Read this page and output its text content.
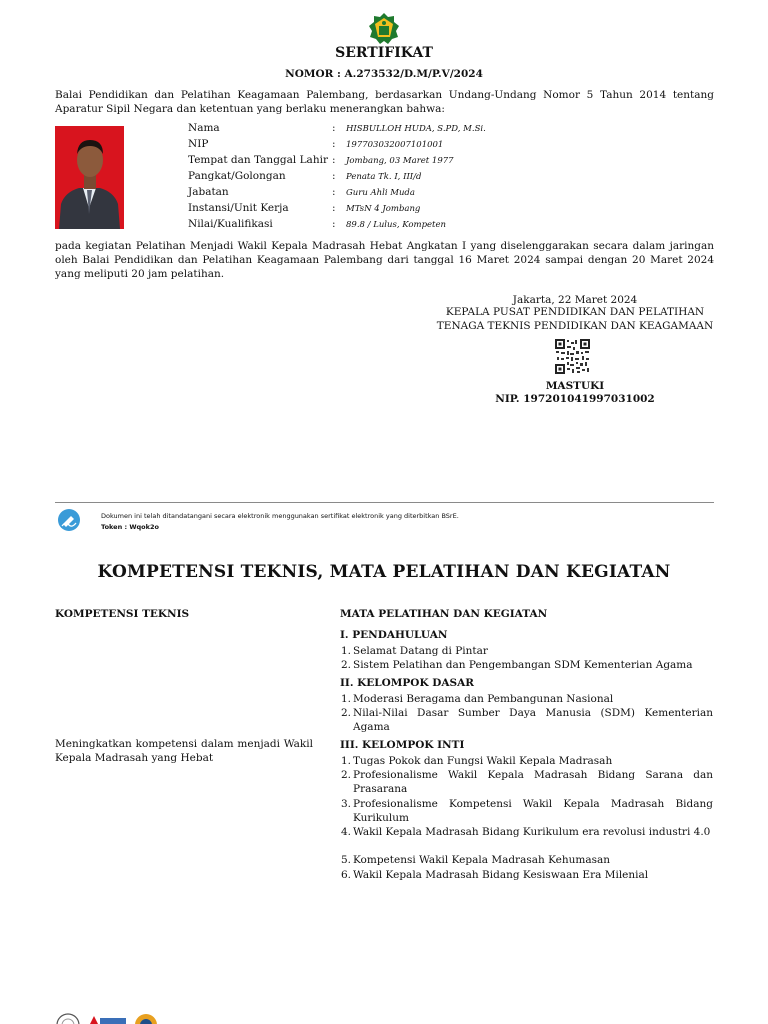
SERTIFIKAT
NOMOR : A.273532/D.M/P.V/2024
Balai Pendidikan dan Pelatihan Keagamaan Palembang, berdasarkan Undang-Undang Nomor 5 Tahun 2014 tentang Aparatur Sipil Negara dan ketentuan yang berlaku menerangkan bahwa:
Nama
NIP
Tempat dan Tanggal Lahir
Pangkat/Golongan
Jabatan
Instansi/Unit Kerja
Nilai/Kualifikasi
:
:
:
:
:
:
:
HISBULLOH HUDA, S.PD, M.Si.
197703032007101001
Jombang, 03 Maret 1977
Penata Tk. I, III/d
Guru Ahli Muda
MTsN 4 Jombang
89.8 / Lulus, Kompeten
pada kegiatan Pelatihan Menjadi Wakil Kepala Madrasah Hebat Angkatan I yang diselenggarakan secara dalam jaringan oleh Balai Pendidikan dan Pelatihan Keagamaan Palembang dari tanggal 16 Maret 2024 sampai dengan 20 Maret 2024 yang meliputi 20 jam pelatihan.
Jakarta, 22 Maret 2024
KEPALA PUSAT PENDIDIKAN DAN PELATIHAN
TENAGA TEKNIS PENDIDIKAN DAN KEAGAMAAN
MASTUKI
NIP. 197201041997031002
Dokumen ini telah ditandatangani secara elektronik menggunakan sertifikat elektronik yang diterbitkan BSrE.
Token : Wqok2o
KOMPETENSI TEKNIS, MATA PELATIHAN DAN KEGIATAN
KOMPETENSI TEKNIS	MATA PELATIHAN DAN KEGIATAN
Meningkatkan kompetensi dalam menjadi Wakil Kepala Madrasah yang Hebat
I. PENDAHULUAN
1. Selamat Datang di Pintar
2. Sistem Pelatihan dan Pengembangan SDM Kementerian Agama
II. KELOMPOK DASAR
1. Moderasi Beragama dan Pembangunan Nasional
2. Nilai-Nilai Dasar Sumber Daya Manusia (SDM) Kementerian Agama
III. KELOMPOK INTI
1. Tugas Pokok dan Fungsi Wakil Kepala Madrasah
2. Profesionalisme Wakil Kepala Madrasah Bidang Sarana dan Prasarana
3. Profesionalisme Kompetensi Wakil Kepala Madrasah Bidang Kurikulum
4. Wakil Kepala Madrasah Bidang Kurikulum era revolusi industri 4.0
5. Kompetensi Wakil Kepala Madrasah Kehumasan
6. Wakil Kepala Madrasah Bidang Kesiswaan Era Milenial
